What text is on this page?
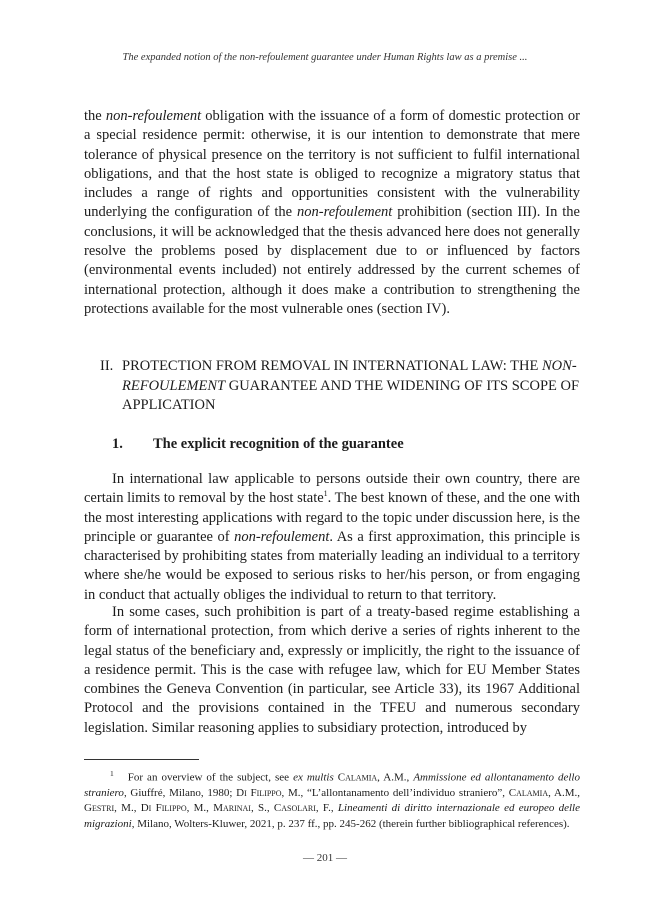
The expanded notion of the non-refoulement guarantee under Human Rights law as a premise ...

the non-refoulement obligation with the issuance of a form of domestic protection or a special residence permit: otherwise, it is our intention to demonstrate that mere tolerance of physical presence on the territory is not sufficient to fulfil international obligations, and that the host state is obliged to recognize a migratory status that includes a range of rights and opportunities consistent with the vulnerability underlying the configuration of the non-refoulement prohibition (section III). In the conclusions, it will be acknowledged that the thesis advanced here does not generally resolve the problems posed by displacement due to or influenced by factors (environmental events included) not entirely addressed by the current schemes of international protection, although it does make a contribution to strengthening the protections available for the most vulnerable ones (section IV).

II. PROTECTION FROM REMOVAL IN INTERNATIONAL LAW: THE NON-REFOULEMENT GUARANTEE AND THE WIDENING OF ITS SCOPE OF APPLICATION
1. The explicit recognition of the guarantee

In international law applicable to persons outside their own country, there are certain limits to removal by the host state$^1$. The best known of these, and the one with the most interesting applications with regard to the topic under discussion here, is the principle or guarantee of non-refoulement. As a first approximation, this principle is characterised by prohibiting states from materially leading an individual to a territory where she/he would be exposed to serious risks to her/his person, or from engaging in conduct that actually obliges the individual to return to that territory.

In some cases, such prohibition is part of a treaty-based regime establishing a form of international protection, from which derive a series of rights inherent to the legal status of the beneficiary and, expressly or implicitly, the right to the issuance of a residence permit. This is the case with refugee law, which for EU Member States combines the Geneva Convention (in particular, see Article 33), its 1967 Additional Protocol and the provisions contained in the TFEU and numerous secondary legislation. Similar reasoning applies to subsidiary protection, introduced by

$^1$ For an overview of the subject, see ex multis Calamia, A.M., Ammissione ed allontanamento dello straniero, Giuffré, Milano, 1980; Di Filippo, M., “L’allontanamento dell’individuo straniero”, Calamia, A.M., Gestri, M., Di Filippo, M., Marinai, S., Casolari, F., Lineamenti di diritto internazionale ed europeo delle migrazioni, Milano, Wolters-Kluwer, 2021, p. 237 ff., pp. 245-262 (therein further bibliographical references).

— 201 —
